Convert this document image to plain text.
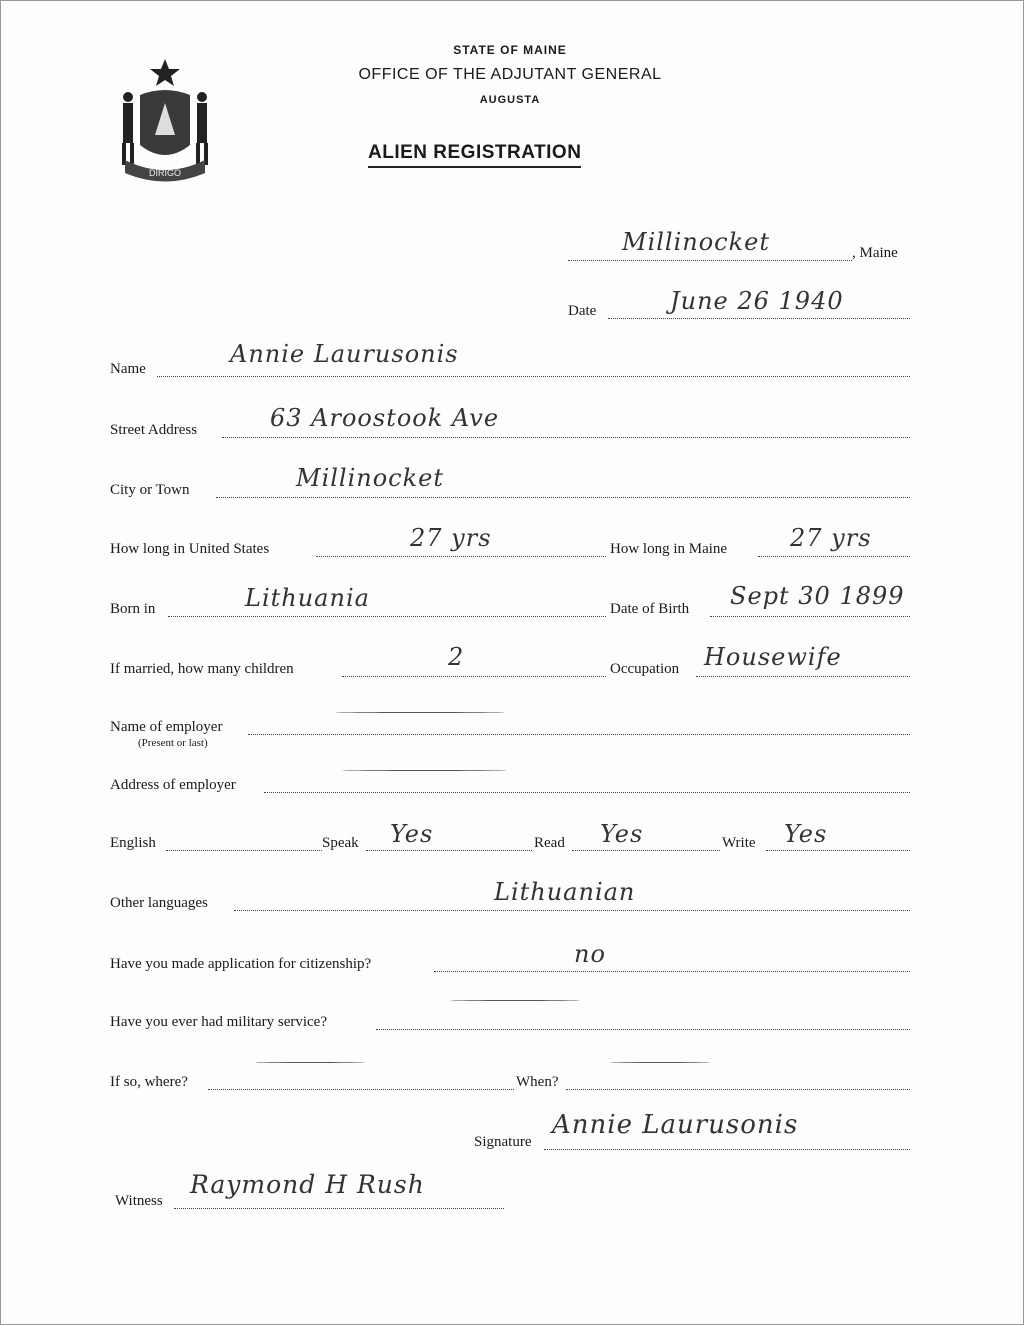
DIRIGO
STATE OF MAINE
OFFICE OF THE ADJUTANT GENERAL
AUGUSTA
ALIEN REGISTRATION
Millinocket	, Maine
Date	June 26 1940
Name
Annie Laurusonis
Street Address	63 Aroostook Ave
City or Town	Millinocket
How long in United States	27 yrs	How long in Maine	27 yrs
Born in	Lithuania	Date of Birth Sept 30 1899
If married, how many children	2	Occupation Housewife
Name of employer
(Present or last)
Address of employer
English	Speak Yes	Read Yes	Write Yes
Other languages	Lithuanian
Have you made application for citizenship?	no
Have you ever had military service?
If so, where?	When?
Signature
Annie Laurusonis
Witness
Raymond H Rush
